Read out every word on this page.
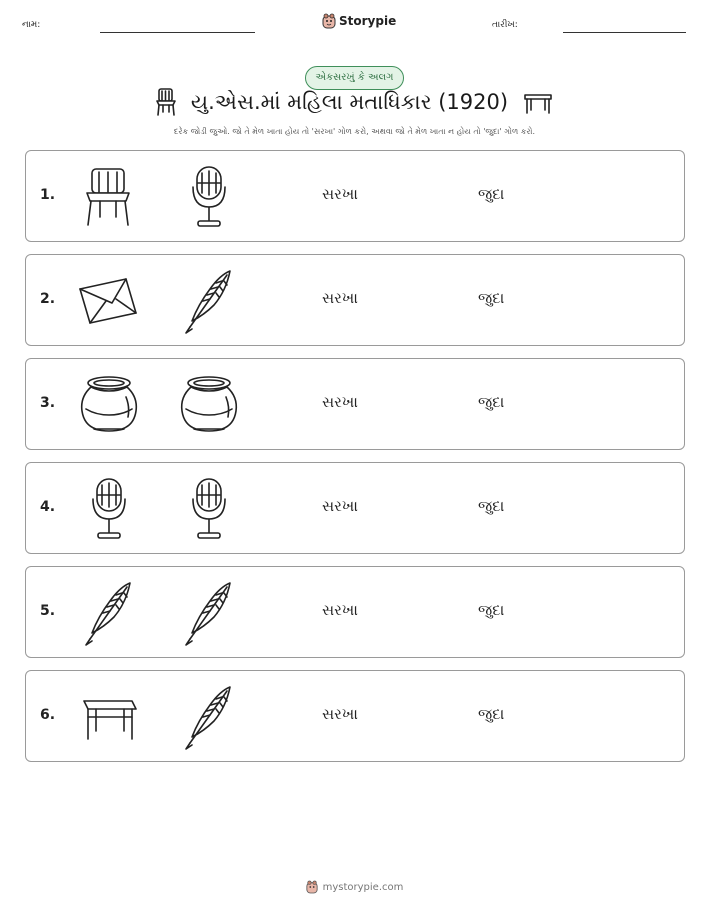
નામ:	Storypie	તારીખ:
એકસરખું કે અલગ
યુ.એસ.માં મહિલા મતાધિકાર (1920)
દરેક જોડી જુઓ. જો તે મેળ ખાતા હોય તો 'સરખા' ગોળ કરો, અથવા જો તે મેળ ખાતા ન હોય તો 'જુદા' ગોળ કરો.
1.	સરખા	જુદા
2.	સરખા	જુદા
3.	સરખા	જુદા
4.	સરખા	જુદા
5.	સરખા	જુદા
6.	સરખા	જુદા
mystorypie.com
